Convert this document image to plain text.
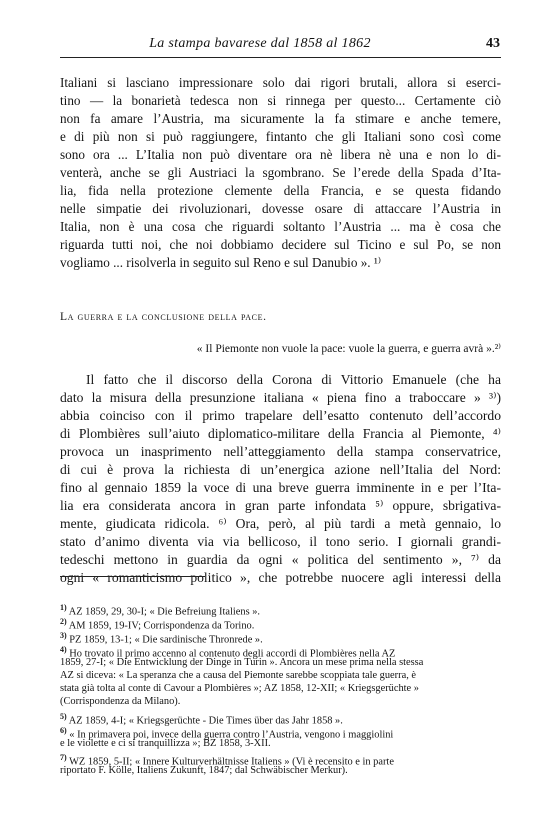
La stampa bavarese dal 1858 al 1862	43
Italiani si lasciano impressionare solo dai rigori brutali, allora si eserci-
tino — la bonarietà tedesca non si rinnega per questo... Certamente ciò
non fa amare l’Austria, ma sicuramente la fa stimare e anche temere,
e di più non si può raggiungere, fintanto che gli Italiani sono così come
sono ora ... L’Italia non può diventare ora nè libera nè una e non lo di-
venterà, anche se gli Austriaci la sgombrano. Se l’erede della Spada d’Ita-
lia, fida nella protezione clemente della Francia, e se questa fidando
nelle simpatie dei rivoluzionari, dovesse osare di attaccare l’Austria in
Italia, non è una cosa che riguardi soltanto l’Austria ... ma è cosa che
riguarda tutti noi, che noi dobbiamo decidere sul Ticino e sul Po, se non
vogliamo ... risolverla in seguito sul Reno e sul Danubio ». ¹⁾
La guerra e la conclusione della pace.
« Il Piemonte non vuole la pace: vuole la guerra, e guerra avrà ».²⁾
Il fatto che il discorso della Corona di Vittorio Emanuele (che ha
dato la misura della presunzione italiana « piena fino a traboccare » ³⁾)
abbia coinciso con il primo trapelare dell’esatto contenuto dell’accordo
di Plombières sull’aiuto diplomatico-militare della Francia al Piemonte, ⁴⁾
provoca un inasprimento nell’atteggiamento della stampa conservatrice,
di cui è prova la richiesta di un’energica azione nell’Italia del Nord:
fino al gennaio 1859 la voce di una breve guerra imminente in e per l’Ita-
lia era considerata ancora in gran parte infondata ⁵⁾ oppure, sbrigativa-
mente, giudicata ridicola. ⁶⁾ Ora, però, al più tardi a metà gennaio, lo
stato d’animo diventa via via bellicoso, il tono serio. I giornali grandi-
tedeschi mettono in guardia da ogni « politica del sentimento », ⁷⁾ da
ogni « romanticismo politico », che potrebbe nuocere agli interessi della
$^{1)}$ AZ 1859, 29, 30-I; « Die Befreiung Italiens ».
$^{2)}$ AM 1859, 19-IV; Corrispondenza da Torino.
$^{3)}$ PZ 1859, 13-1; « Die sardinische Thronrede ».
$^{4)}$ Ho trovato il primo accenno al contenuto degli accordi di Plombières nella AZ
1859, 27-I; « Die Entwicklung der Dinge in Turin ». Ancora un mese prima nella stessa
AZ si diceva: « La speranza che a causa del Piemonte sarebbe scoppiata tale guerra, è
stata già tolta al conte di Cavour a Plombières »; AZ 1858, 12-XII; « Kriegsgerüchte »
(Corrispondenza da Milano).
$^{5)}$ AZ 1859, 4-I; « Kriegsgerüchte - Die Times über das Jahr 1858 ».
$^{6)}$ « In primavera poi, invece della guerra contro l’Austria, vengono i maggiolini
e le violette e ci si tranquillizza »; BZ 1858, 3-XII.
$^{7)}$ WZ 1859, 5-II; « Innere Kulturverhältnisse Italiens » (Vi è recensito e in parte
riportato F. Kölle, Italiens Zukunft, 1847; dal Schwäbischer Merkur).
